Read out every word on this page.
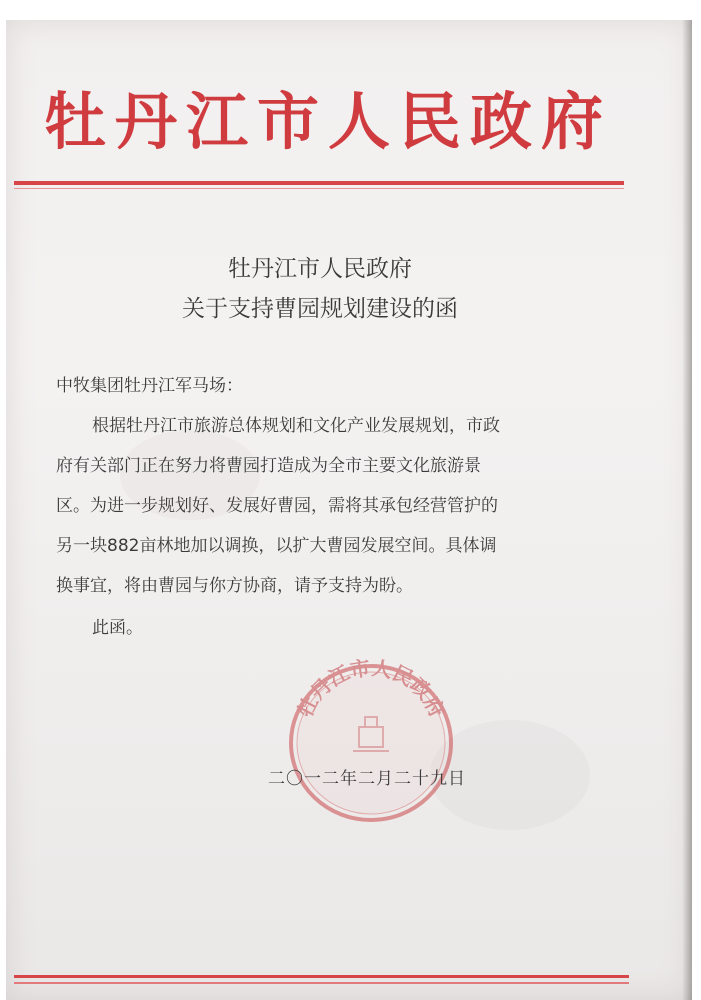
牡丹江市人民政府
牡丹江市人民政府
关于支持曹园规划建设的函
中牧集团牡丹江军马场：
根据牡丹江市旅游总体规划和文化产业发展规划，市政
府有关部门正在努力将曹园打造成为全市主要文化旅游景
区。为进一步规划好、发展好曹园，需将其承包经营管护的
另一块882亩林地加以调换，以扩大曹园发展空间。具体调
换事宜，将由曹园与你方协商，请予支持为盼。
此函。
牡丹江市人民政府
二〇一二年二月二十九日
